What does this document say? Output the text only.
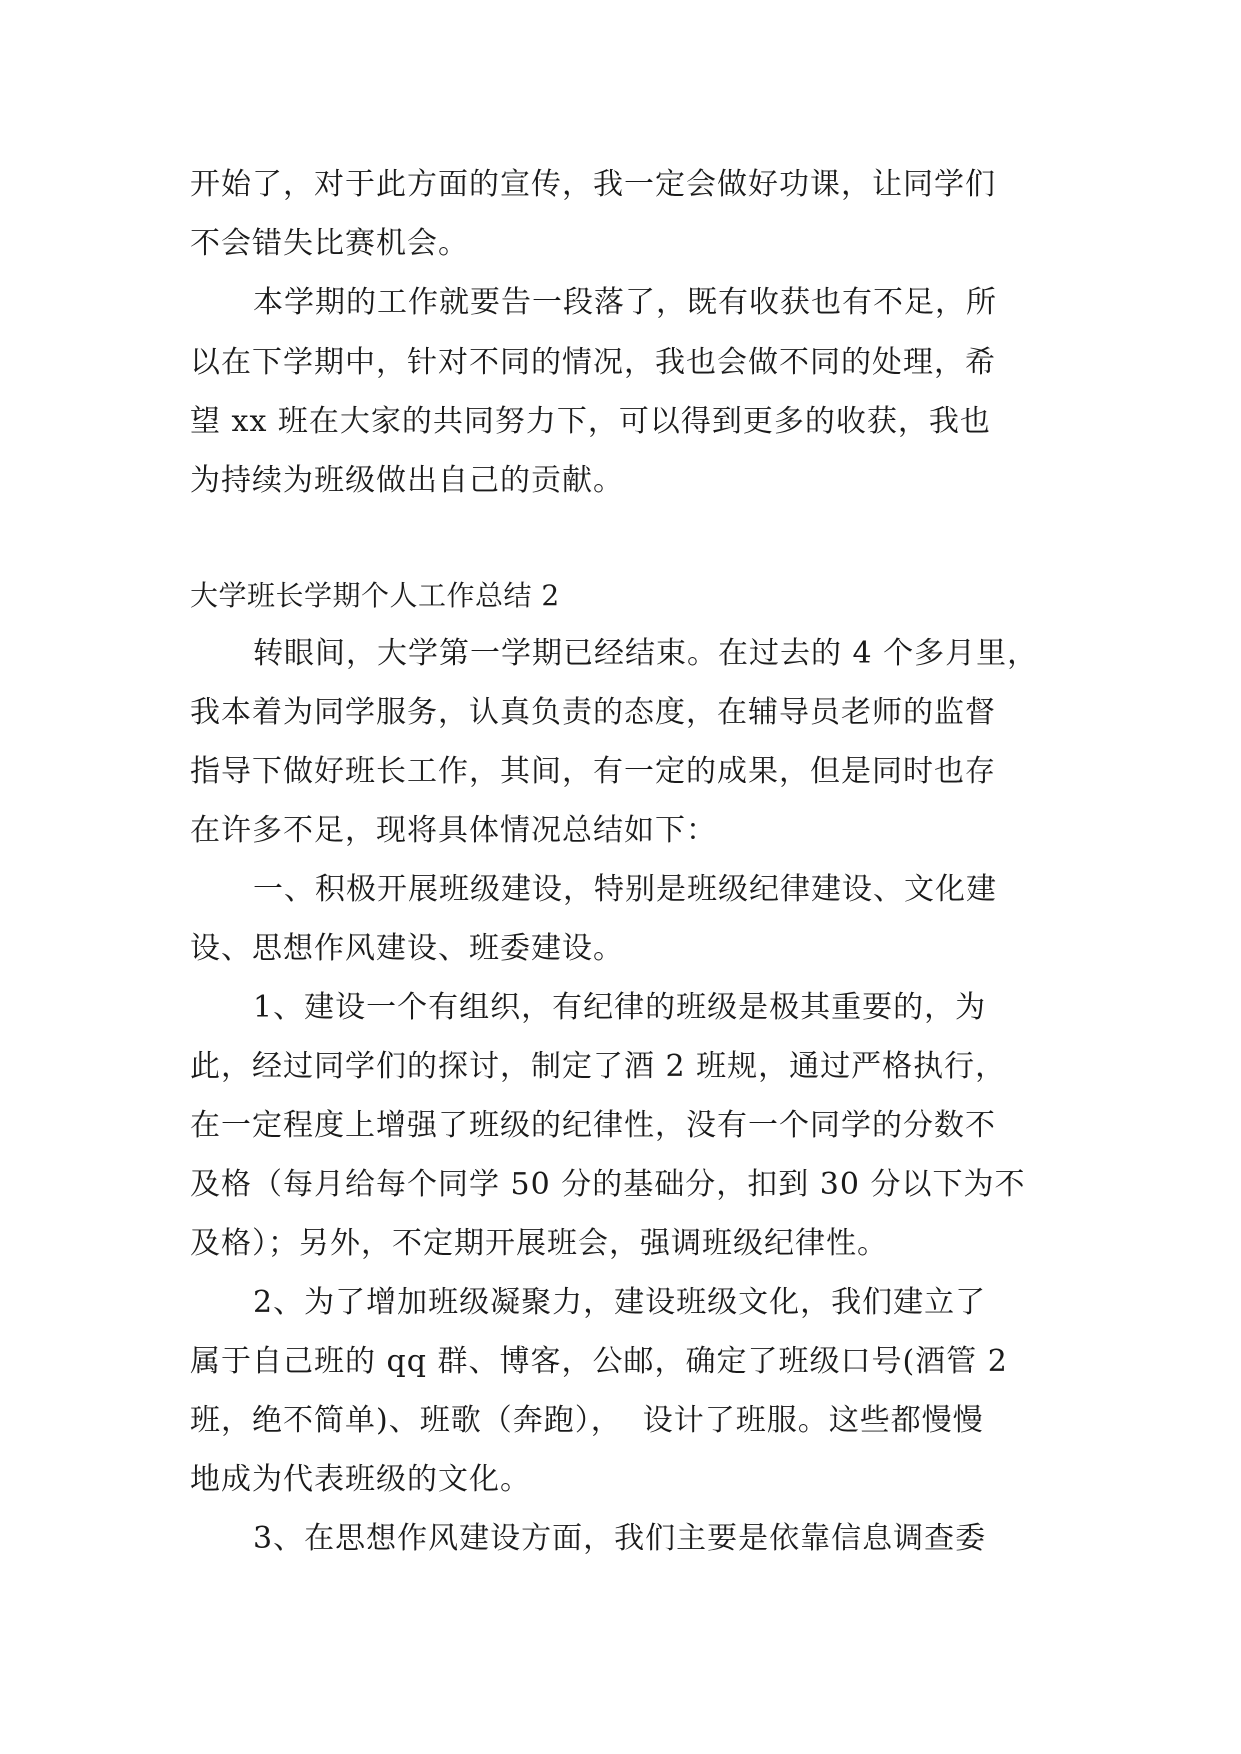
开始了，对于此方面的宣传，我一定会做好功课，让同学们
不会错失比赛机会。
本学期的工作就要告一段落了，既有收获也有不足，所
以在下学期中，针对不同的情况，我也会做不同的处理，希
望 xx 班在大家的共同努力下，可以得到更多的收获，我也
为持续为班级做出自己的贡献。
大学班长学期个人工作总结 2
转眼间，大学第一学期已经结束。在过去的 4 个多月里，
我本着为同学服务，认真负责的态度，在辅导员老师的监督
指导下做好班长工作，其间，有一定的成果，但是同时也存
在许多不足，现将具体情况总结如下：
一、积极开展班级建设，特别是班级纪律建设、文化建
设、思想作风建设、班委建设。
1、建设一个有组织，有纪律的班级是极其重要的，为
此，经过同学们的探讨，制定了酒 2 班规，通过严格执行，
在一定程度上增强了班级的纪律性，没有一个同学的分数不
及格（每月给每个同学 50 分的基础分，扣到 30 分以下为不
及格）；另外，不定期开展班会，强调班级纪律性。
2、为了增加班级凝聚力，建设班级文化，我们建立了
属于自己班的 qq 群、博客，公邮，确定了班级口号(酒管 2
班，绝不简单)、班歌（奔跑），  设计了班服。这些都慢慢
地成为代表班级的文化。
3、在思想作风建设方面，我们主要是依靠信息调查委
